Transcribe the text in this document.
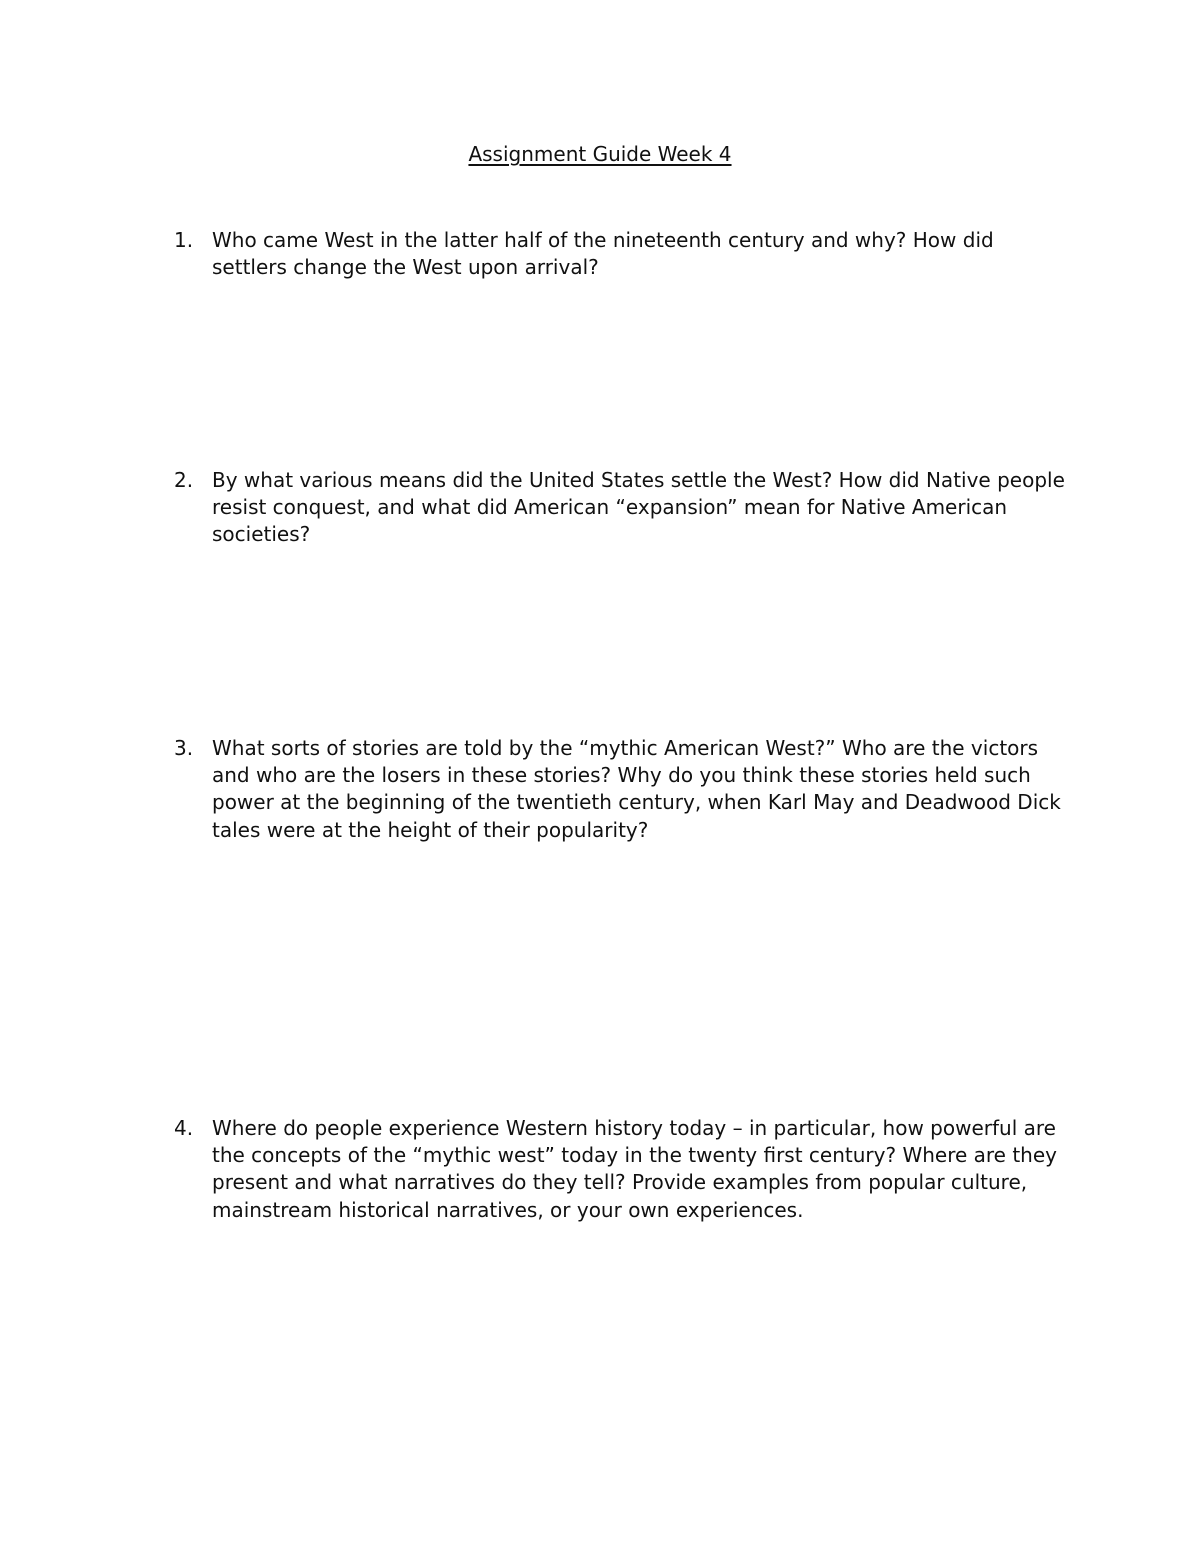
Assignment Guide Week 4
1. Who came West in the latter half of the nineteenth century and why? How did settlers change the West upon arrival?
2. By what various means did the United States settle the West? How did Native people resist conquest, and what did American “expansion” mean for Native American societies?
3. What sorts of stories are told by the “mythic American West?” Who are the victors and who are the losers in these stories? Why do you think these stories held such power at the beginning of the twentieth century, when Karl May and Deadwood Dick tales were at the height of their popularity?
4. Where do people experience Western history today – in particular, how powerful are the concepts of the “mythic west” today in the twenty first century? Where are they present and what narratives do they tell? Provide examples from popular culture, mainstream historical narratives, or your own experiences.
